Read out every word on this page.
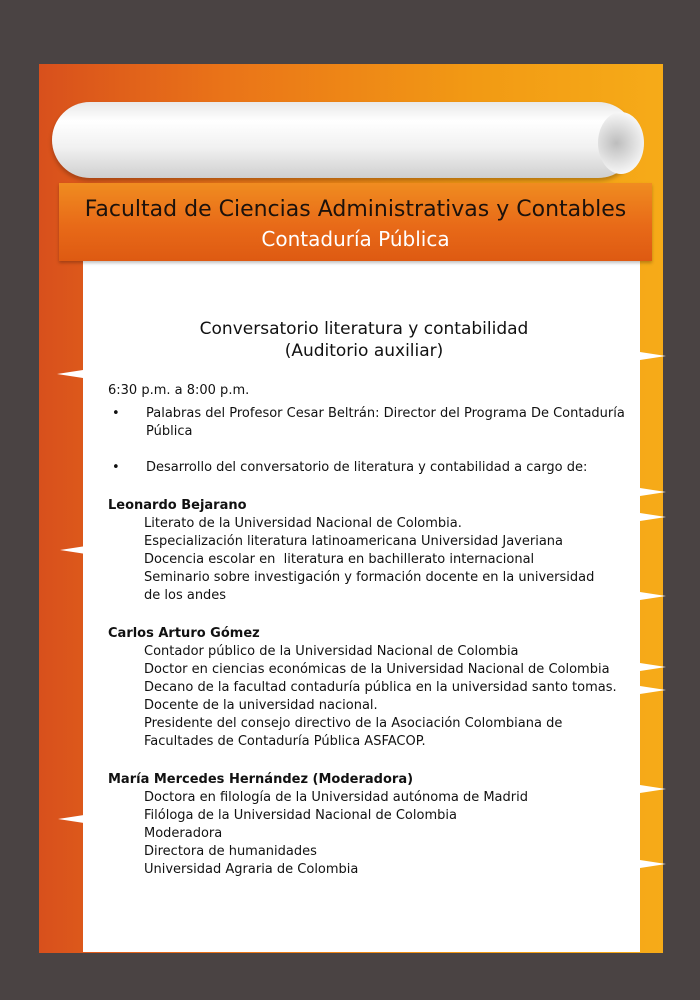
Facultad de Ciencias Administrativas y Contables
Contaduría Pública
Conversatorio literatura y contabilidad
(Auditorio auxiliar)
6:30 p.m. a 8:00 p.m.
• Palabras del Profesor Cesar Beltrán: Director del Programa De Contaduría Pública
• Desarrollo del conversatorio de literatura y contabilidad a cargo de:
Leonardo Bejarano
Literato de la Universidad Nacional de Colombia.
Especialización literatura latinoamericana Universidad Javeriana
Docencia escolar en  literatura en bachillerato internacional
Seminario sobre investigación y formación docente en la universidad de los andes
Carlos Arturo Gómez
Contador público de la Universidad Nacional de Colombia
Doctor en ciencias económicas de la Universidad Nacional de Colombia
Decano de la facultad contaduría pública en la universidad santo tomas.
Docente de la universidad nacional.
Presidente del consejo directivo de la Asociación Colombiana de Facultades de Contaduría Pública ASFACOP.
María Mercedes Hernández (Moderadora)
Doctora en filología de la Universidad autónoma de Madrid
Filóloga de la Universidad Nacional de Colombia
Moderadora
Directora de humanidades
Universidad Agraria de Colombia
